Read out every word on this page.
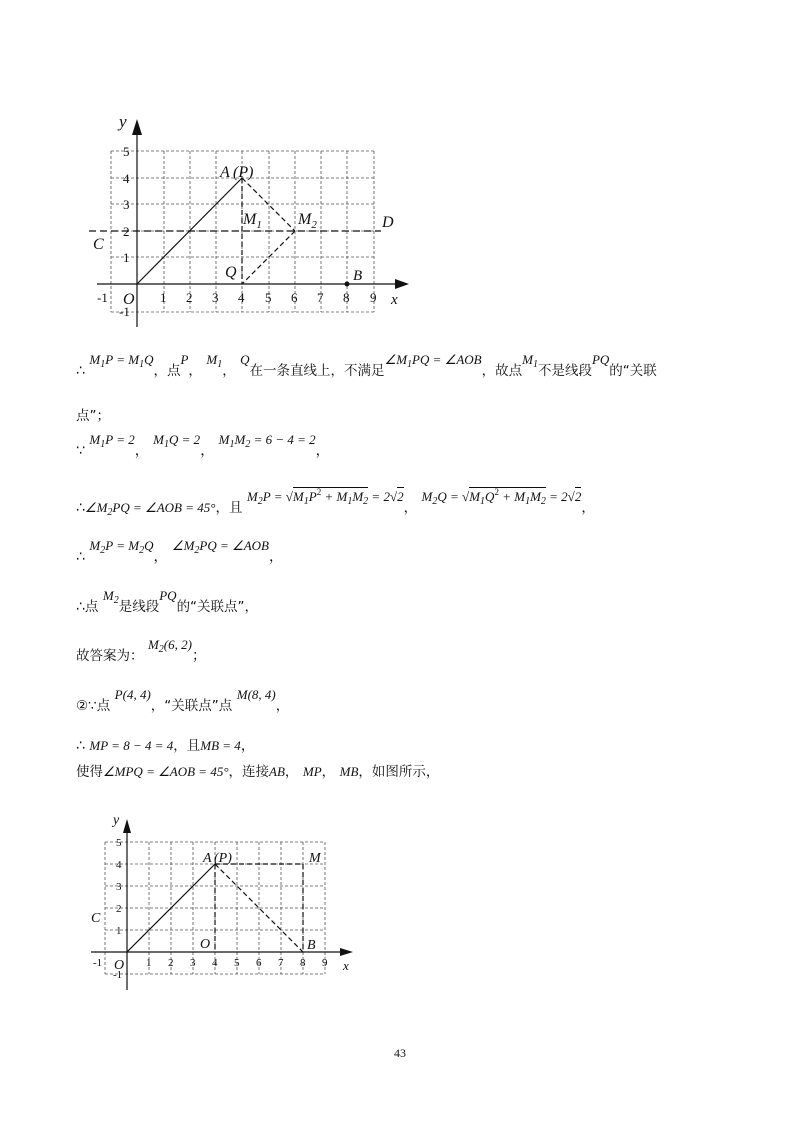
-1	1 2 3 4 5 6 7 8 9
5
4
3
2
1
-1
x
y
O
A (P)
$M_1$ $M_2$
Q	B
C
D
∴ $M_1P = M_1Q$，点P， $M_1$， Q在一条直线上，不满足$\angle M_1PQ$ = ∠AOB，故点$M_1$不是线段PQ的“关联
点”；
∵ $M_1P = 2$， $M_1Q = 2$， $M_1M_2 = 6 - 4 = 2$，
$\therefore\angle M_2PQ$ = ∠AOB = 45°，且 $M_2P = √M_1P^2 + M_1M_2 = 2√2$， $M_2Q = √M_1Q^2 + M_1M_2 = 2√2$，
∴ $M_2P = M_2Q$， $\angle M_2PQ$ = ∠AOB，
∴点 $M_2$是线段PQ的“关联点”，
故答案为： $M_2(6$, 2)；
②∵点 P(4, 4)，“关联点”点 M(8, 4)，
∴ MP = 8 − 4 = 4，且MB = 4，
使得∠MPQ = ∠AOB = 45°，连接AB， MP， MB，如图所示，
-1	1 2 3 4 5 6 7 8 9
5
4
3
2
1
-1
x
y
O
A (P)	M
O	B
C
43
